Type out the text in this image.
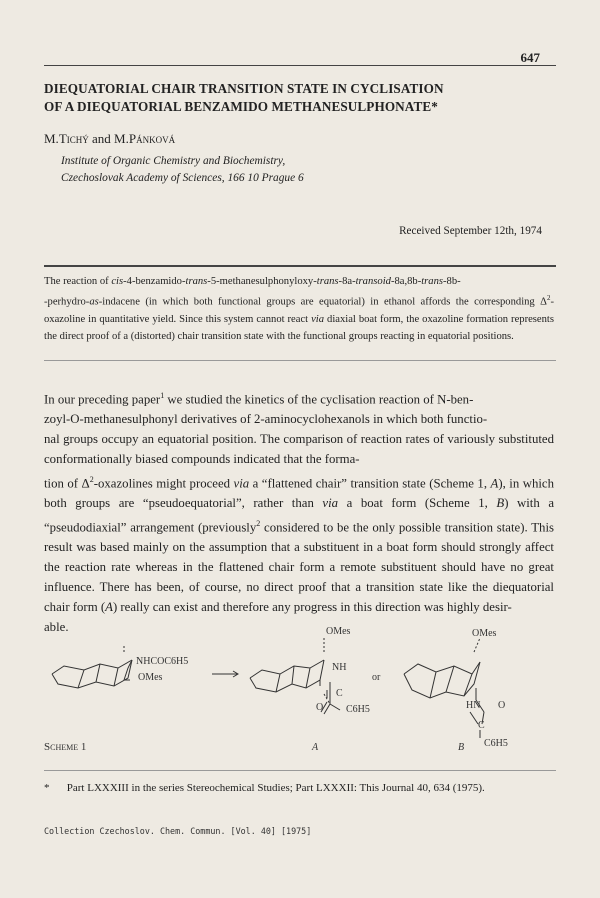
647
DIEQUATORIAL CHAIR TRANSITION STATE IN CYCLISATION
OF A DIEQUATORIAL BENZAMIDO METHANESULPHONATE*
M.Tichý and M.Pánková
Institute of Organic Chemistry and Biochemistry,
Czechoslovak Academy of Sciences, 166 10 Prague 6
Received September 12th, 1974
The reaction of cis-4-benzamido-trans-5-methanesulphonyloxy-trans-8a-transoid-8a,8b-trans-8b-
-perhydro-as-indacene (in which both functional groups are equatorial) in ethanol affords the corresponding $\Delta^2$-oxazoline in quantitative yield. Since this system cannot react via diaxial boat form, the oxazoline formation represents the direct proof of a (distorted) chair transition state with the functional groups reacting in equatorial positions.
In our preceding paper$^1$ we studied the kinetics of the cyclisation reaction of N-ben-
zoyl-O-methanesulphonyl derivatives of 2-aminocyclohexanols in which both functio-
nal groups occupy an equatorial position. The comparison of reaction rates of variously substituted conformationally biased compounds indicated that the forma-
tion of $\Delta^2$-oxazolines might proceed via a “flattened chair” transition state (Scheme 1, A), in which both groups are “pseudoequatorial”, rather than via a boat form (Scheme 1, B) with a “pseudodiaxial” arrangement (previously$^2$ considered to be the only possible transition state). This result was based mainly on the assumption that a substituent in a boat form should strongly affect the reaction rate whereas in the flattened chair form a remote substituent should have no great influence. There has been, of course, no direct proof that a transition state like the diequatorial chair form (A) really can exist and therefore any progress in this direction was highly desir-
able.
NHCOC6H5
OMes
OMes
NH
C
O C6H5
or
OMes
HN O
C
C6H5
Scheme 1	A	B
* Part LXXXIII in the series Stereochemical Studies; Part LXXXII: This Journal 40, 634 (1975).
Collection Czechoslov. Chem. Commun. [Vol. 40] [1975]
